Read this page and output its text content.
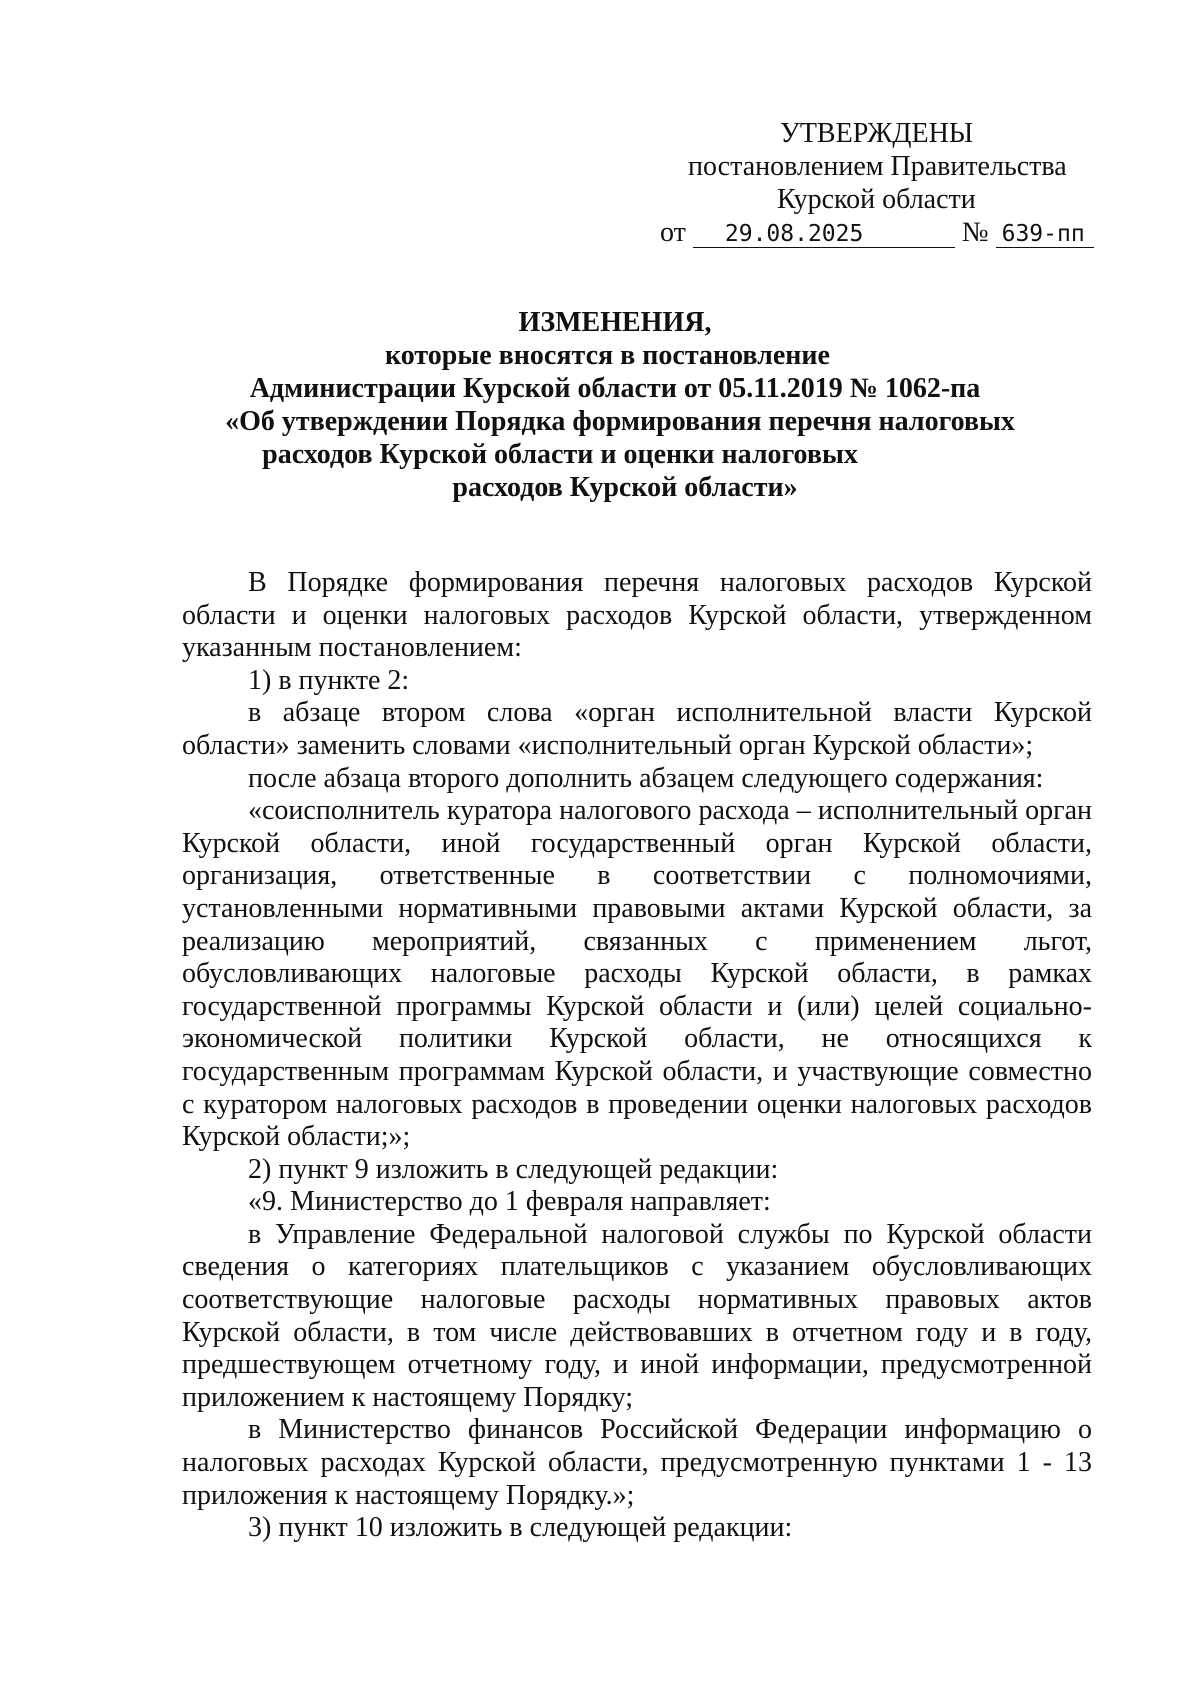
УТВЕРЖДЕНЫ
постановлением Правительства
Курской области
от 29.08.2025	№ 639-пп
ИЗМЕНЕНИЯ,
которые вносятся в постановление
Администрации Курской области от 05.11.2019 № 1062-па
«Об утверждении Порядка формирования перечня налоговых
расходов Курской области и оценки налоговых
расходов Курской области»

В Порядке формирования перечня налоговых расходов Курской области и оценки налоговых расходов Курской области, утвержденном указанным постановлением:

1) в пункте 2:

в абзаце втором слова «орган исполнительной власти Курской области» заменить словами «исполнительный орган Курской области»;

после абзаца второго дополнить абзацем следующего содержания:

«соисполнитель куратора налогового расхода – исполнительный орган Курской области, иной государственный орган Курской области, организация, ответственные в соответствии с полномочиями, установленными нормативными правовыми актами Курской области, за реализацию мероприятий, связанных с применением льгот, обусловливающих налоговые расходы Курской области, в рамках государственной программы Курской области и (или) целей социально-экономической политики Курской области, не относящихся к государственным программам Курской области, и участвующие совместно с куратором налоговых расходов в проведении оценки налоговых расходов Курской области;»;

2) пункт 9 изложить в следующей редакции:

«9. Министерство до 1 февраля направляет:

в Управление Федеральной налоговой службы по Курской области сведения о категориях плательщиков с указанием обусловливающих соответствующие налоговые расходы нормативных правовых актов Курской области, в том числе действовавших в отчетном году и в году, предшествующем отчетному году, и иной информации, предусмотренной приложением к настоящему Порядку;

в Министерство финансов Российской Федерации информацию о налоговых расходах Курской области, предусмотренную пунктами 1 - 13 приложения к настоящему Порядку.»;

3) пункт 10 изложить в следующей редакции:
